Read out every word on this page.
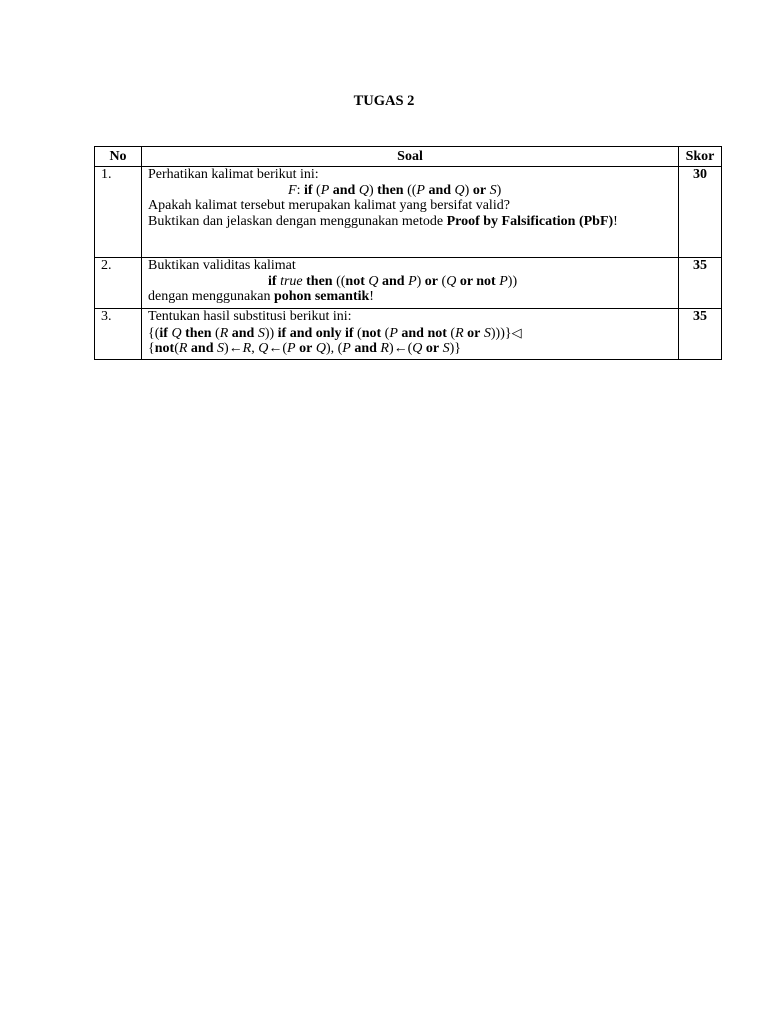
TUGAS 2
No	Soal	Skor
1.	Perhatikan kalimat berikut ini:
F: if (P and Q) then ((P and Q) or S)
Apakah kalimat tersebut merupakan kalimat yang bersifat valid?
Buktikan dan jelaskan dengan menggunakan metode Proof by Falsification (PbF)!	30
2.	Buktikan validitas kalimat
if true then ((not Q and P) or (Q or not P))
dengan menggunakan pohon semantik!	35
3.	Tentukan hasil substitusi berikut ini:
{(if Q then (R and S)) if and only if (not (P and not (R or S)))}◁
{not(R and S)←R, Q←(P or Q), (P and R)←(Q or S)}	35
